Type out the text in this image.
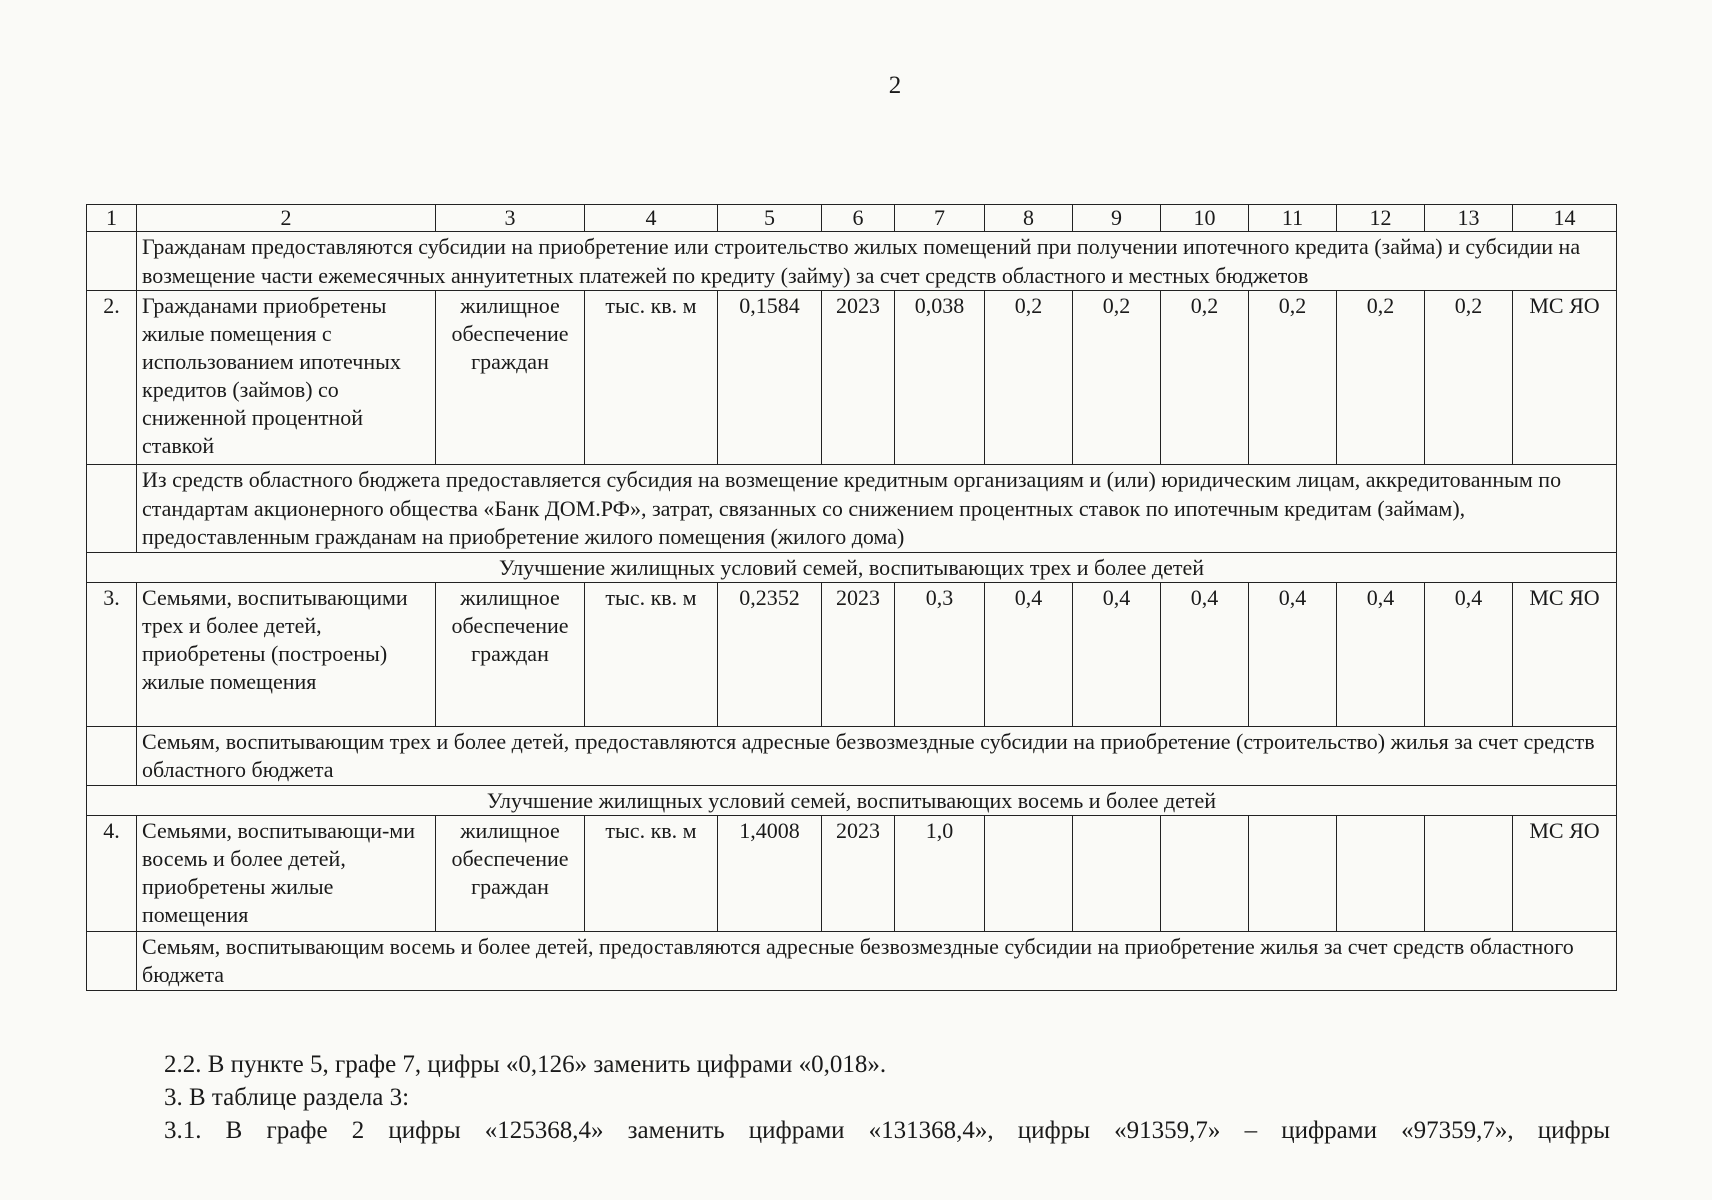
2
1	2	3	4	5	6	7	8	9	10	11	12	13	14
	Гражданам предоставляются субсидии на приобретение или строительство жилых помещений при получении ипотечного кредита (займа) и субсидии на возмещение части ежемесячных аннуитетных платежей по кредиту (займу) за счет средств областного и местных бюджетов												
2.	Гражданами приобретены жилые помещения с использованием ипотечных кредитов (займов) со сниженной процентной ставкой	жилищное обеспечение граждан	тыс. кв. м	0,1584	2023	0,038	0,2	0,2	0,2	0,2	0,2	0,2	МС ЯО
	Из средств областного бюджета предоставляется субсидия на возмещение кредитным организациям и (или) юридическим лицам, аккредитованным по стандартам акционерного общества «Банк ДОМ.РФ», затрат, связанных со снижением процентных ставок по ипотечным кредитам (займам), предоставленным гражданам на приобретение жилого помещения (жилого дома)												
Улучшение жилищных условий семей, воспитывающих трех и более детей													
3.	Семьями, воспитывающими трех и более детей, приобретены (построены) жилые помещения	жилищное обеспечение граждан	тыс. кв. м	0,2352	2023	0,3	0,4	0,4	0,4	0,4	0,4	0,4	МС ЯО
	Семьям, воспитывающим трех и более детей, предоставляются адресные безвозмездные субсидии на приобретение (строительство) жилья за счет средств областного бюджета												
Улучшение жилищных условий семей, воспитывающих восемь и более детей													
4.	Семьями, воспитывающи-ми восемь и более детей, приобретены жилые помещения	жилищное обеспечение граждан	тыс. кв. м	1,4008	2023	1,0							МС ЯО
	Семьям, воспитывающим восемь и более детей, предоставляются адресные безвозмездные субсидии на приобретение жилья за счет средств областного бюджета												

2.2. В пункте 5, графе 7, цифры «0,126» заменить цифрами «0,018».

3. В таблице раздела 3:

3.1. В графе 2 цифры «125368,4» заменить цифрами «131368,4», цифры «91359,7» – цифрами «97359,7», цифры
